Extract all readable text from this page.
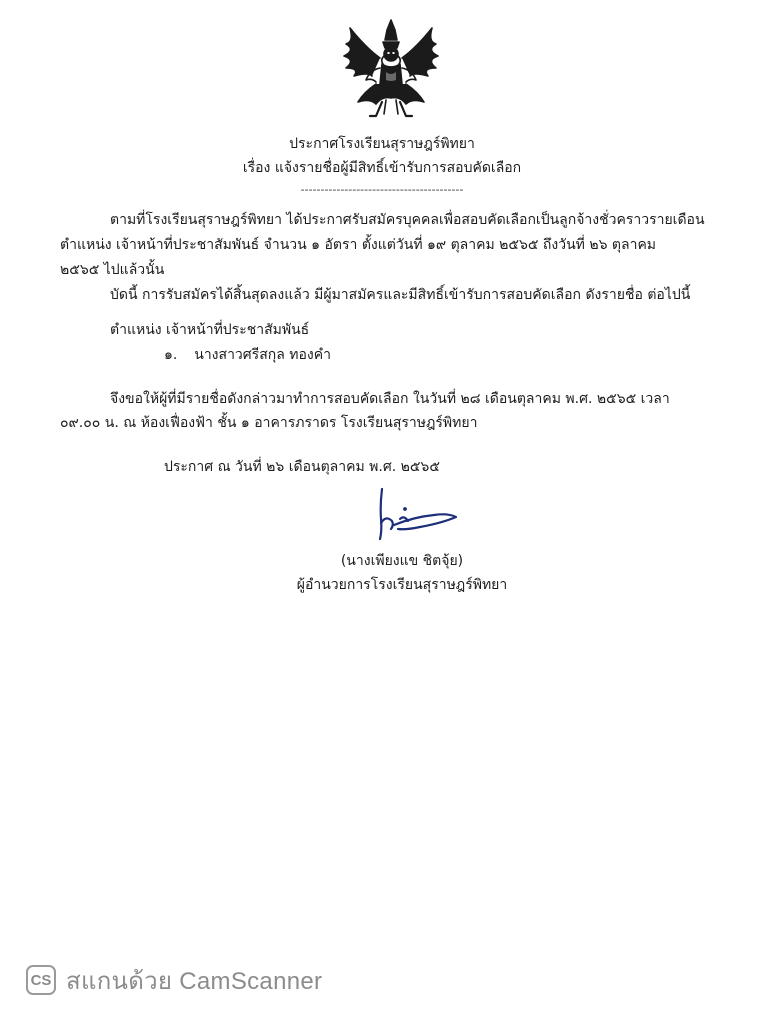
ประกาศโรงเรียนสุราษฎร์พิทยา
เรื่อง แจ้งรายชื่อผู้มีสิทธิ์เข้ารับการสอบคัดเลือก
-----------------------------------------
ตามที่โรงเรียนสุราษฎร์พิทยา ได้ประกาศรับสมัครบุคคลเพื่อสอบคัดเลือกเป็นลูกจ้างชั่วคราวรายเดือน
ตำแหน่ง เจ้าหน้าที่ประชาสัมพันธ์ จำนวน ๑ อัตรา ตั้งแต่วันที่ ๑๙ ตุลาคม ๒๕๖๕ ถึงวันที่ ๒๖ ตุลาคม
๒๕๖๕ ไปแล้วนั้น
บัดนี้ การรับสมัครได้สิ้นสุดลงแล้ว มีผู้มาสมัครและมีสิทธิ์เข้ารับการสอบคัดเลือก ดังรายชื่อ ต่อไปนี้
ตำแหน่ง เจ้าหน้าที่ประชาสัมพันธ์
๑. นางสาวศรีสกุล ทองคำ
จึงขอให้ผู้ที่มีรายชื่อดังกล่าวมาทำการสอบคัดเลือก ในวันที่ ๒๘ เดือนตุลาคม พ.ศ. ๒๕๖๕ เวลา
๐๙.๐๐ น. ณ ห้องเฟื่องฟ้า ชั้น ๑ อาคารภราดร โรงเรียนสุราษฎร์พิทยา
ประกาศ ณ วันที่ ๒๖ เดือนตุลาคม พ.ศ. ๒๕๖๕
(นางเพียงแข ชิตจุ้ย)
ผู้อำนวยการโรงเรียนสุราษฎร์พิทยา
CS สแกนด้วย CamScanner
